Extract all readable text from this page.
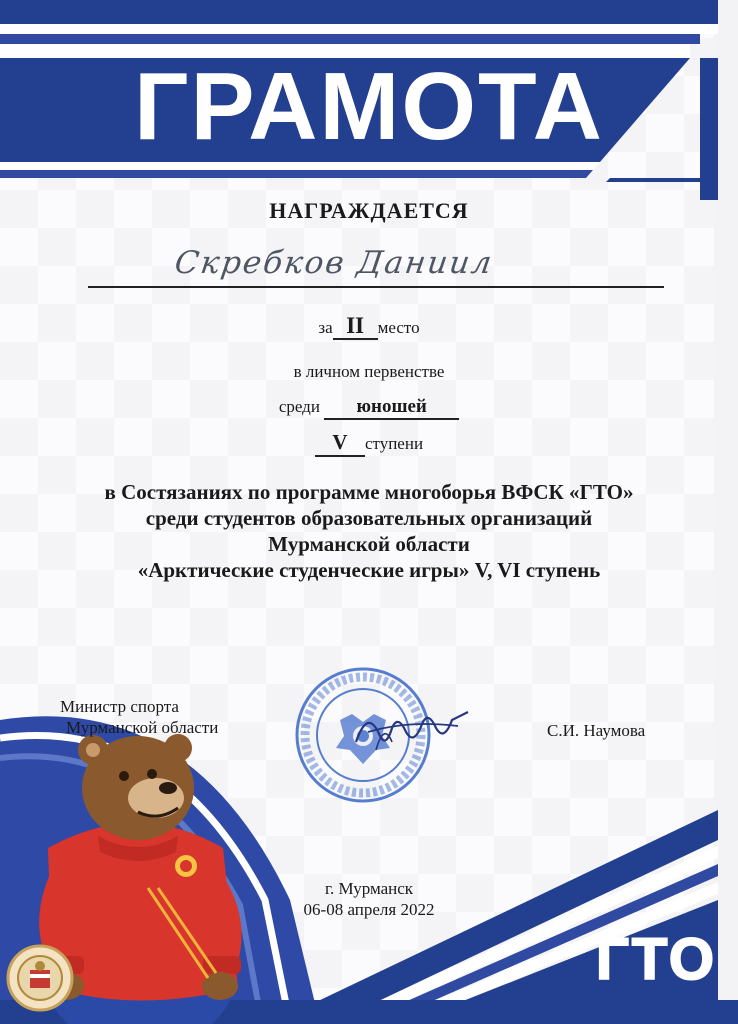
ГРАМОТА
НАГРАЖДАЕТСЯ
Скребков Даниил
за II место
в личном первенстве
среди юношей
V ступени
в Состязаниях по программе многоборья ВФСК «ГТО»
среди студентов образовательных организаций
Мурманской области
«Арктические студенческие игры» V, VI ступень
ГТО
Министр спорта
Мурманской области	С.И. Наумова
г. Мурманск
06-08 апреля 2022
